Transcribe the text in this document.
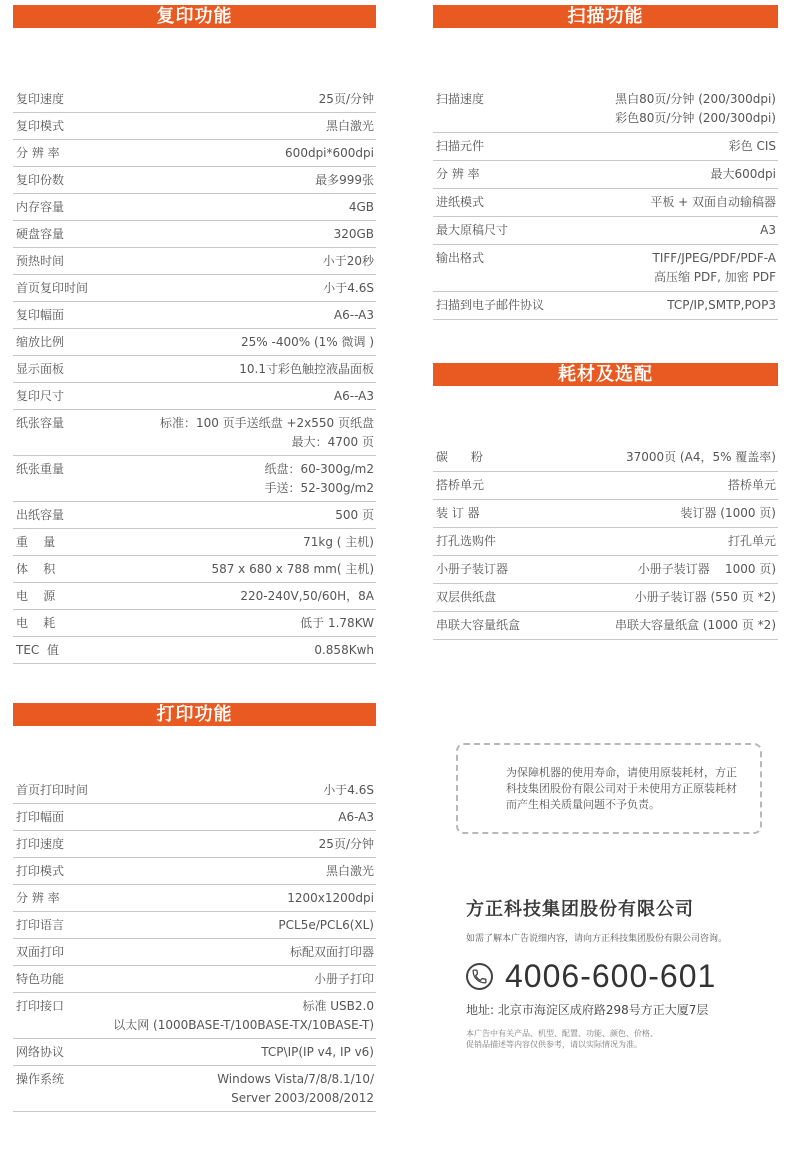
复印功能
复印速度	25页/分钟
复印模式	黑白激光
分 辨 率	600dpi*600dpi
复印份数	最多999张
内存容量	4GB
硬盘容量	320GB
预热时间	小于20秒
首页复印时间	小于4.6S
复印幅面	A6--A3
缩放比例	25% -400% (1% 微调 )
显示面板	10.1寸彩色触控液晶面板
复印尺寸	A6--A3
纸张容量	标准：100 页手送纸盘 +2x550 页纸盘
最大：4700 页
纸张重量	纸盘：60-300g/m2
手送：52-300g/m2
出纸容量	500 页
重    量	71kg ( 主机)
体    积	587 x 680 x 788 mm( 主机)
电    源	220-240V,50/60H，8A
电    耗	低于 1.78KW
TEC  值	0.858Kwh
扫描功能
扫描速度	黑白80页/分钟 (200/300dpi)
彩色80页/分钟 (200/300dpi)
扫描元件	彩色 CIS
分 辨 率	最大600dpi
进纸模式	平板 + 双面自动输稿器
最大原稿尺寸	A3
输出格式	TIFF/JPEG/PDF/PDF-A
高压缩 PDF, 加密 PDF
扫描到电子邮件协议	TCP/IP,SMTP,POP3
耗材及选配
碳      粉	37000页 (A4，5% 覆盖率)
搭桥单元	搭桥单元
装 订 器	装订器 (1000 页)
打孔选购件	打孔单元
小册子装订器	小册子装订器    1000 页)
双层供纸盘	小册子装订器 (550 页 *2)
串联大容量纸盒	串联大容量纸盒 (1000 页 *2)
打印功能
首页打印时间	小于4.6S
打印幅面	A6-A3
打印速度	25页/分钟
打印模式	黑白激光
分 辨 率	1200x1200dpi
打印语言	PCL5e/PCL6(XL)
双面打印	标配双面打印器
特色功能	小册子打印
打印接口	标准 USB2.0
以太网 (1000BASE-T/100BASE-TX/10BASE-T)
网络协议	TCP\IP(IP v4, IP v6)
操作系统	Windows Vista/7/8/8.1/10/
Server 2003/2008/2012
为保障机器的使用寿命，请使用原装耗材，方正科技集团股份有限公司对于未使用方正原装耗材而产生相关质量问题不予负责。
方正科技集团股份有限公司
如需了解本广告说细内容，请向方正科技集团股份有限公司咨询。
4006-600-601
地址: 北京市海淀区成府路298号方正大厦7层
本广告中有关产品、机型、配置、功能、颜色、价格、
促销品描述等内容仅供参考，请以实际情况为准。
